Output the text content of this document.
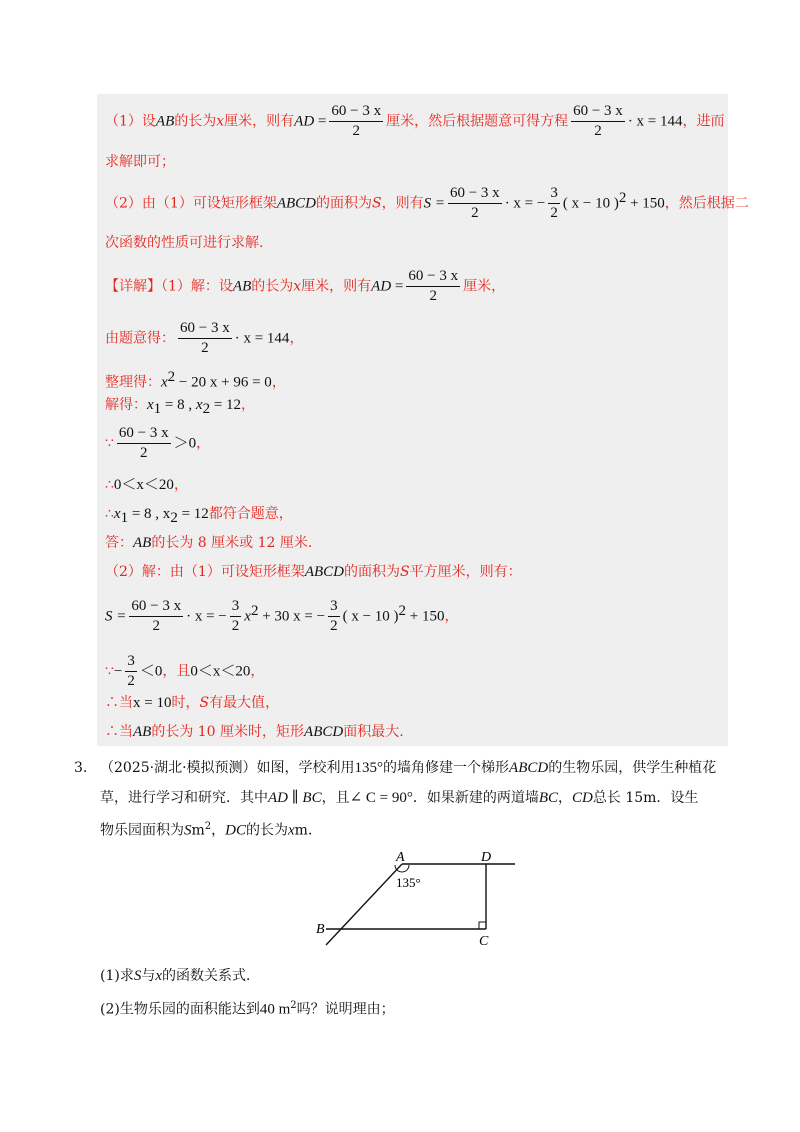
（1）设AB的长为x厘米，则有AD = $\frac{60 - 3 x}{2}$ 厘米，然后根据题意可得方程 $\frac{60 - 3 x}{2} \cdot x = 144$，进而
求解即可；
（2）由（1）可设矩形框架ABCD的面积为S，则有$S = \frac{60 - 3 x}{2} \cdot x$ = − $\frac{3}{2}$ ( x − 10 )$^2$ + 150，然后根据二
次函数的性质可进行求解.
【详解】（1）解：设AB的长为x厘米，则有AD = $\frac{60 - 3 x}{2}$ 厘米，
由题意得： $\frac{60 - 3 x}{2} \cdot x = 144$，
整理得：$x^2 - 20$ x + 96 = 0，
解得：$x_1 = 8$ , $x_2 = 12$，
∵ $\frac{60 - 3 x}{2} >0$，
∴0＜x＜20，
$\therefore x_1 = 8$ , $x_2 = 12$都符合题意，
答：AB的长为 8 厘米或 12 厘米.
（2）解：由（1）可设矩形框架ABCD的面积为S平方厘米，则有：
$S = \frac{60 - 3 x}{2} \cdot x$ = − $\frac{3}{2} x^2 + 30$ x = − $\frac{3}{2}$ ( x − 10 )$^2$ + 150，
∵− $\frac{3}{2} <0$，且0＜x＜20，
∴当x = 10时，S有最大值，
∴当AB的长为 10 厘米时，矩形ABCD面积最大.
3. （2025·湖北·模拟预测）如图，学校利用135°的墙角修建一个梯形ABCD的生物乐园，供学生种植花
草，进行学习和研究．其中AD ∥ BC，且∠ C = 90°．如果新建的两道墙BC，CD总长 15m．设生
物乐园面积为Sm$^2$，DC的长为xm．
A	D
B
C
135°
(1)求S与x的函数关系式．
(2)生物乐园的面积能达到40 $m^2$吗？说明理由；
